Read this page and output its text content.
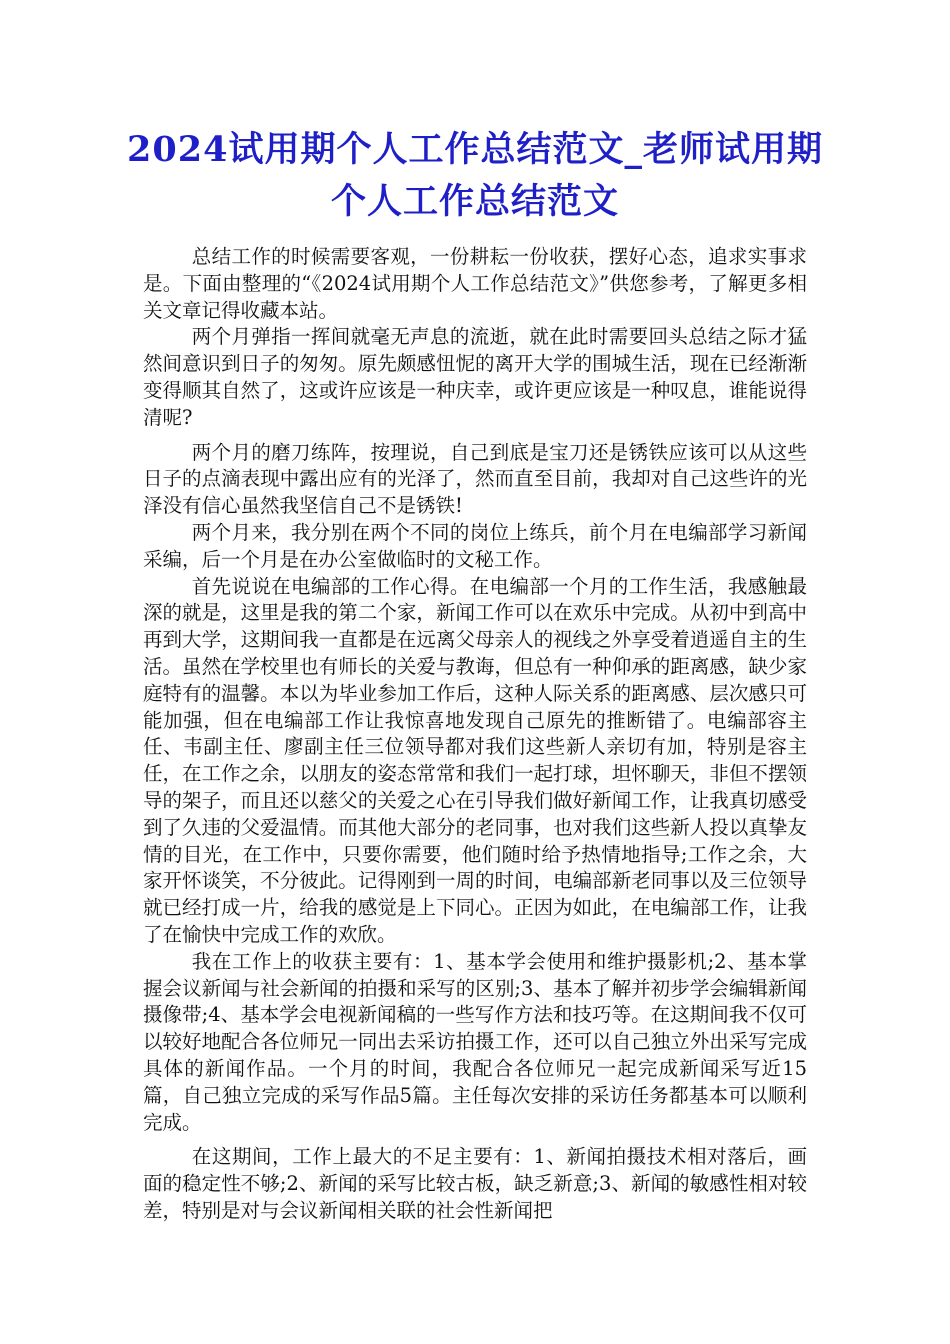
2024试用期个人工作总结范文_老师试用期个人工作总结范文

总结工作的时候需要客观，一份耕耘一份收获，摆好心态，追求实事求是。下面由整理的“《2024试用期个人工作总结范文》”供您参考，了解更多相关文章记得收藏本站。

两个月弹指一挥间就毫无声息的流逝，就在此时需要回头总结之际才猛然间意识到日子的匆匆。原先颇感忸怩的离开大学的围城生活，现在已经渐渐变得顺其自然了，这或许应该是一种庆幸，或许更应该是一种叹息，谁能说得清呢?

两个月的磨刀练阵，按理说，自己到底是宝刀还是锈铁应该可以从这些日子的点滴表现中露出应有的光泽了，然而直至目前，我却对自己这些许的光泽没有信心虽然我坚信自己不是锈铁!

两个月来，我分别在两个不同的岗位上练兵，前个月在电编部学习新闻采编，后一个月是在办公室做临时的文秘工作。

首先说说在电编部的工作心得。在电编部一个月的工作生活，我感触最深的就是，这里是我的第二个家，新闻工作可以在欢乐中完成。从初中到高中再到大学，这期间我一直都是在远离父母亲人的视线之外享受着逍遥自主的生活。虽然在学校里也有师长的关爱与教诲，但总有一种仰承的距离感，缺少家庭特有的温馨。本以为毕业参加工作后，这种人际关系的距离感、层次感只可能加强，但在电编部工作让我惊喜地发现自己原先的推断错了。电编部容主任、韦副主任、廖副主任三位领导都对我们这些新人亲切有加，特别是容主任，在工作之余，以朋友的姿态常常和我们一起打球，坦怀聊天，非但不摆领导的架子，而且还以慈父的关爱之心在引导我们做好新闻工作，让我真切感受到了久违的父爱温情。而其他大部分的老同事，也对我们这些新人投以真挚友情的目光，在工作中，只要你需要，他们随时给予热情地指导;工作之余，大家开怀谈笑，不分彼此。记得刚到一周的时间，电编部新老同事以及三位领导就已经打成一片，给我的感觉是上下同心。正因为如此，在电编部工作，让我了在愉快中完成工作的欢欣。

我在工作上的收获主要有：1、基本学会使用和维护摄影机;2、基本掌握会议新闻与社会新闻的拍摄和采写的区别;3、基本了解并初步学会编辑新闻摄像带;4、基本学会电视新闻稿的一些写作方法和技巧等。在这期间我不仅可以较好地配合各位师兄一同出去采访拍摄工作，还可以自己独立外出采写完成具体的新闻作品。一个月的时间，我配合各位师兄一起完成新闻采写近15篇，自己独立完成的采写作品5篇。主任每次安排的采访任务都基本可以顺利完成。

在这期间，工作上最大的不足主要有：1、新闻拍摄技术相对落后，画面的稳定性不够;2、新闻的采写比较古板，缺乏新意;3、新闻的敏感性相对较差，特别是对与会议新闻相关联的社会性新闻把
